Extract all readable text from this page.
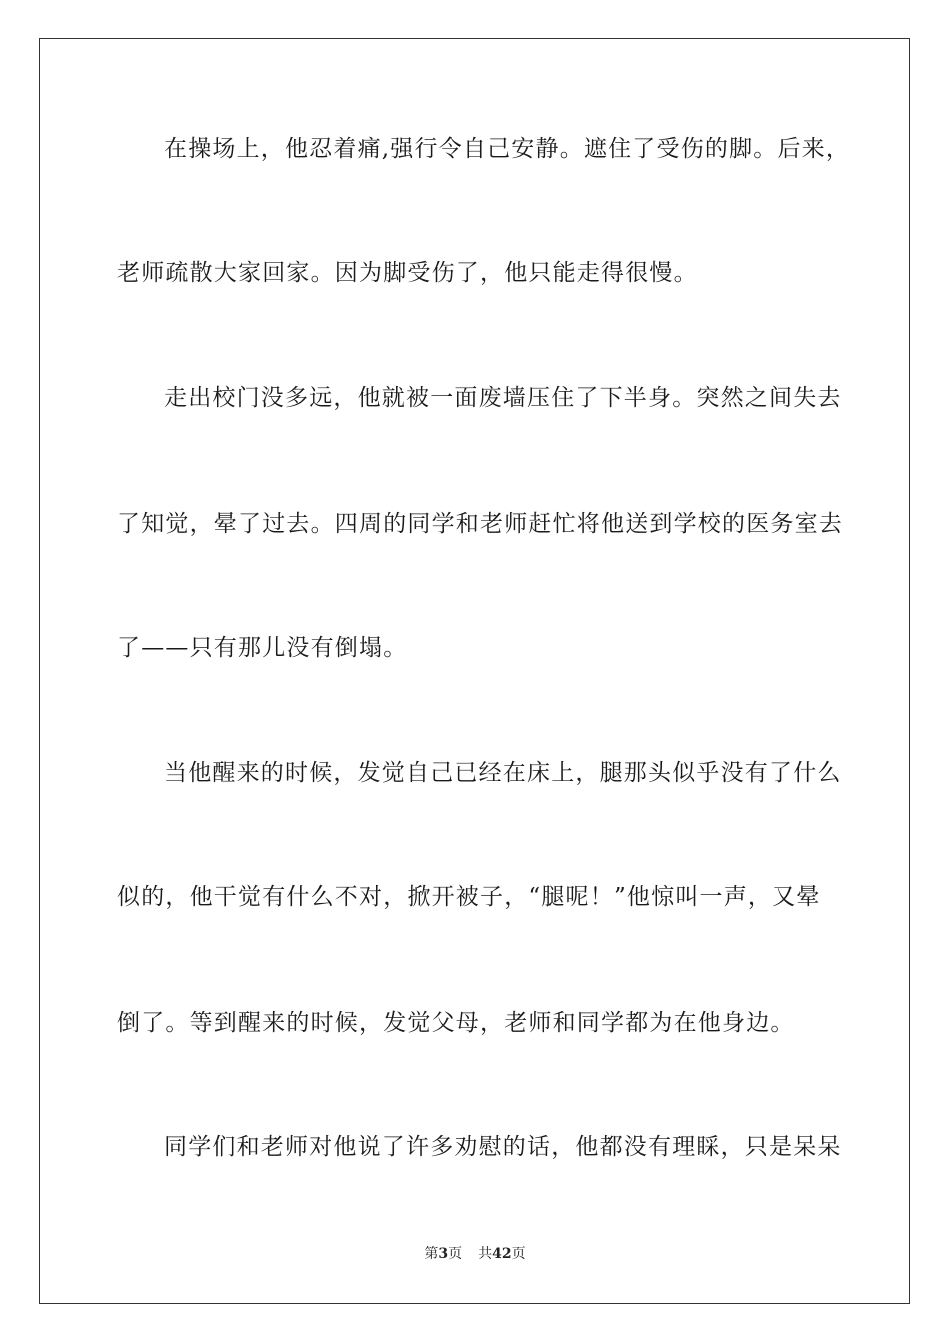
在操场上，他忍着痛,强行令自己安静。遮住了受伤的脚。后来，
老师疏散大家回家。因为脚受伤了，他只能走得很慢。
走出校门没多远，他就被一面废墙压住了下半身。突然之间失去
了知觉，晕了过去。四周的同学和老师赶忙将他送到学校的医务室去
了——只有那儿没有倒塌。
当他醒来的时候，发觉自己已经在床上，腿那头似乎没有了什么
似的，他干觉有什么不对，掀开被子，“腿呢！”他惊叫一声，又晕
倒了。等到醒来的时候，发觉父母，老师和同学都为在他身边。
同学们和老师对他说了许多劝慰的话，他都没有理睬，只是呆呆
第3页 共42页
